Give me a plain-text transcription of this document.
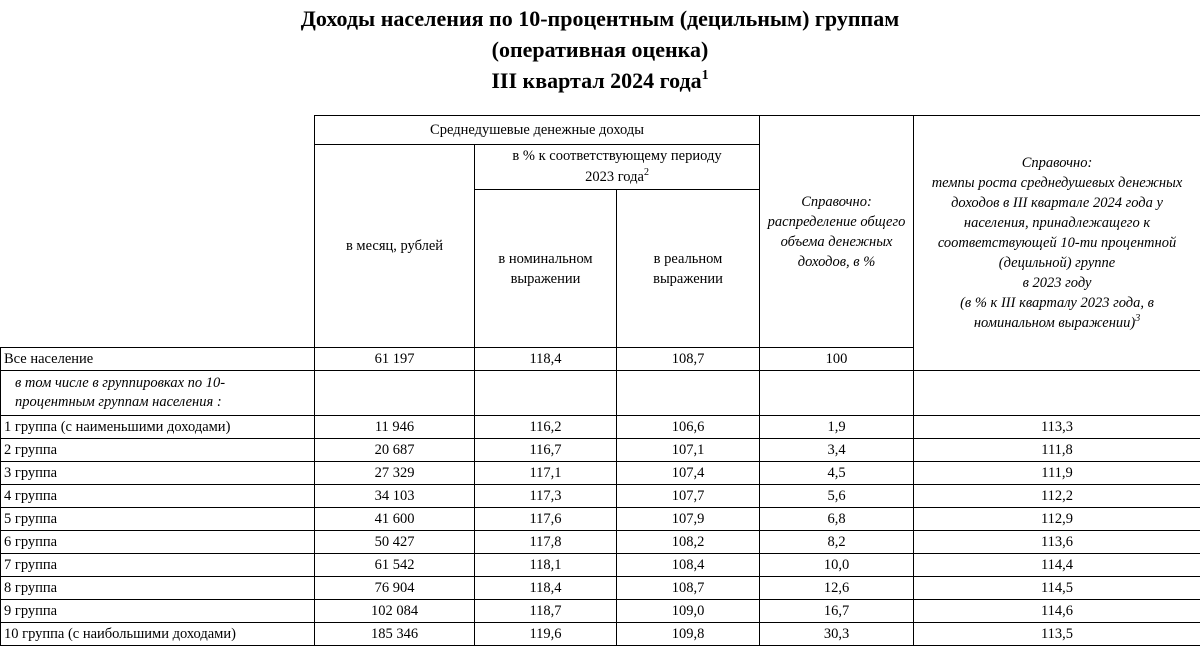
Доходы населения по 10-процентным (децильным) группам
(оперативная оценка)
III квартал 2024 года$^1$
	Среднедушевые денежные доходы			Справочно: распределение общего объема денежных доходов, в %	Справочно:
темпы роста среднедушевых денежных доходов в III квартале 2024 года у населения, принадлежащего к соответствующей 10-ти процентной (децильной) группе
в 2023 году
(в % к III кварталу 2023 года, в номинальном выражении)$^3$

	в месяц, рублей	в % к соответствующему периоду
2023 года$^2$

		в номинальном выражении	в реальном выражении		

Все население	61 197	118,4	108,7	100	
в том числе в группировках по 10-процентным группам населения :					
1 группа (с наименьшими доходами)	11 946	116,2	106,6	1,9	113,3
2 группа	20 687	116,7	107,1	3,4	111,8
3 группа	27 329	117,1	107,4	4,5	111,9
4 группа	34 103	117,3	107,7	5,6	112,2
5 группа	41 600	117,6	107,9	6,8	112,9
6 группа	50 427	117,8	108,2	8,2	113,6
7 группа	61 542	118,1	108,4	10,0	114,4
8 группа	76 904	118,4	108,7	12,6	114,5
9 группа	102 084	118,7	109,0	16,7	114,6
10 группа (с наибольшими доходами)	185 346	119,6	109,8	30,3	113,5
